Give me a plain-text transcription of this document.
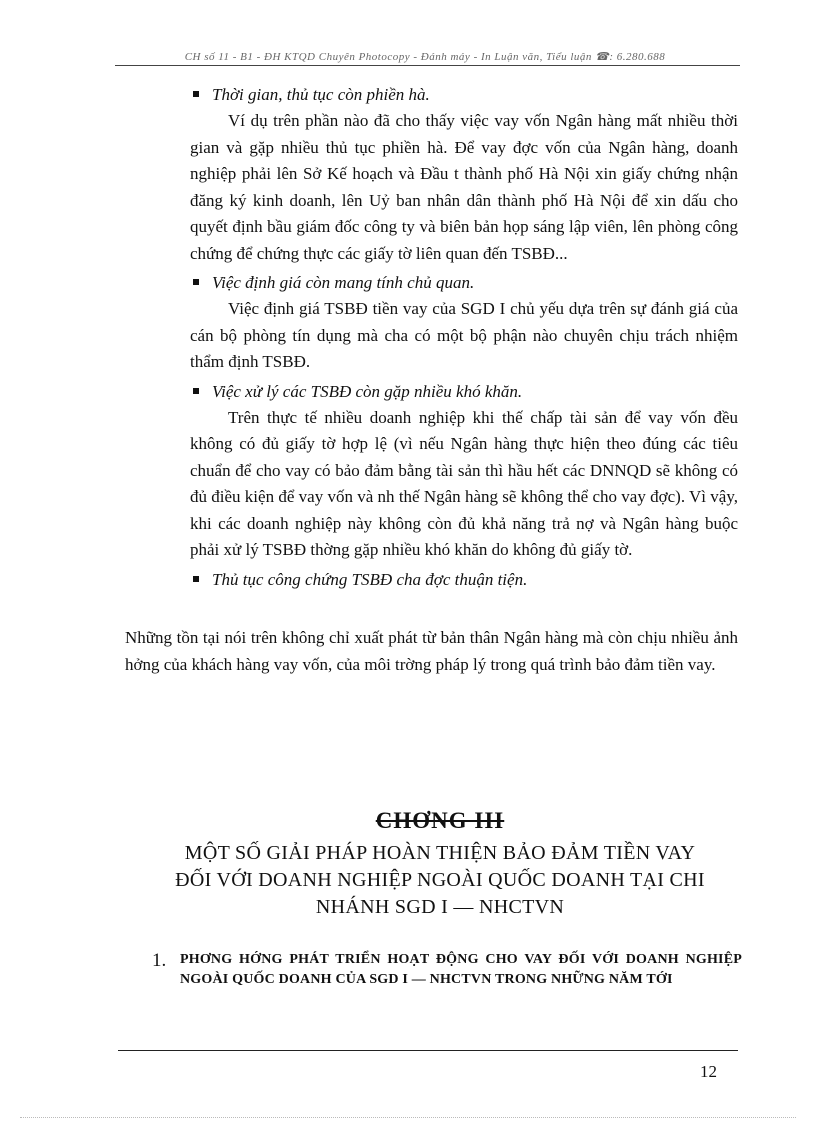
CH số 11 - B1 - ĐH KTQD Chuyên Photocopy - Đánh máy - In Luận văn, Tiểu luận ☎: 6.280.688

Thời gian, thủ tục còn phiền hà.

Ví dụ trên phần nào đã cho thấy việc vay vốn Ngân hàng mất nhiều thời gian và gặp nhiều thủ tục phiền hà. Để vay đợc vốn của Ngân hàng, doanh nghiệp phải lên Sở Kế hoạch và Đầu t thành phố Hà Nội xin giấy chứng nhận đăng ký kinh doanh, lên Uỷ ban nhân dân thành phố Hà Nội để xin dấu cho quyết định bầu giám đốc công ty và biên bản họp sáng lập viên, lên phòng công chứng để chứng thực các giấy tờ liên quan đến TSBĐ...

Việc định giá còn mang tính chủ quan.

Việc định giá TSBĐ tiền vay của SGD I chủ yếu dựa trên sự đánh giá của cán bộ phòng tín dụng mà cha có một bộ phận nào chuyên chịu trách nhiệm thẩm định TSBĐ.

Việc xử lý các TSBĐ còn gặp nhiều khó khăn.

Trên thực tế nhiều doanh nghiệp khi thế chấp tài sản để vay vốn đều không có đủ giấy tờ hợp lệ (vì nếu Ngân hàng thực hiện theo đúng các tiêu chuẩn để cho vay có bảo đảm bằng tài sản thì hầu hết các DNNQD sẽ không có đủ điều kiện để vay vốn và nh thế Ngân hàng sẽ không thể cho vay đợc). Vì vậy, khi các doanh nghiệp này không còn đủ khả năng trả nợ và Ngân hàng buộc phải xử lý TSBĐ thờng gặp nhiều khó khăn do không đủ giấy tờ.

Thủ tục công chứng TSBĐ cha đợc thuận tiện.

Những tồn tại nói trên không chỉ xuất phát từ bản thân Ngân hàng mà còn chịu nhiều ảnh hởng của khách hàng vay vốn, của môi trờng pháp lý trong quá trình bảo đảm tiền vay.

CHƠNG III
MỘT SỐ GIẢI PHÁP HOÀN THIỆN BẢO ĐẢM TIỀN VAY
ĐỐI VỚI DOANH NGHIỆP NGOÀI QUỐC DOANH TẠI CHI
NHÁNH SGD I — NHCTVN
1. PHƠNG HỚNG PHÁT TRIỂN HOẠT ĐỘNG CHO VAY ĐỐI VỚI DOANH NGHIỆP NGOÀI QUỐC DOANH CỦA SGD I — NHCTVN TRONG NHỮNG NĂM TỚI
12
